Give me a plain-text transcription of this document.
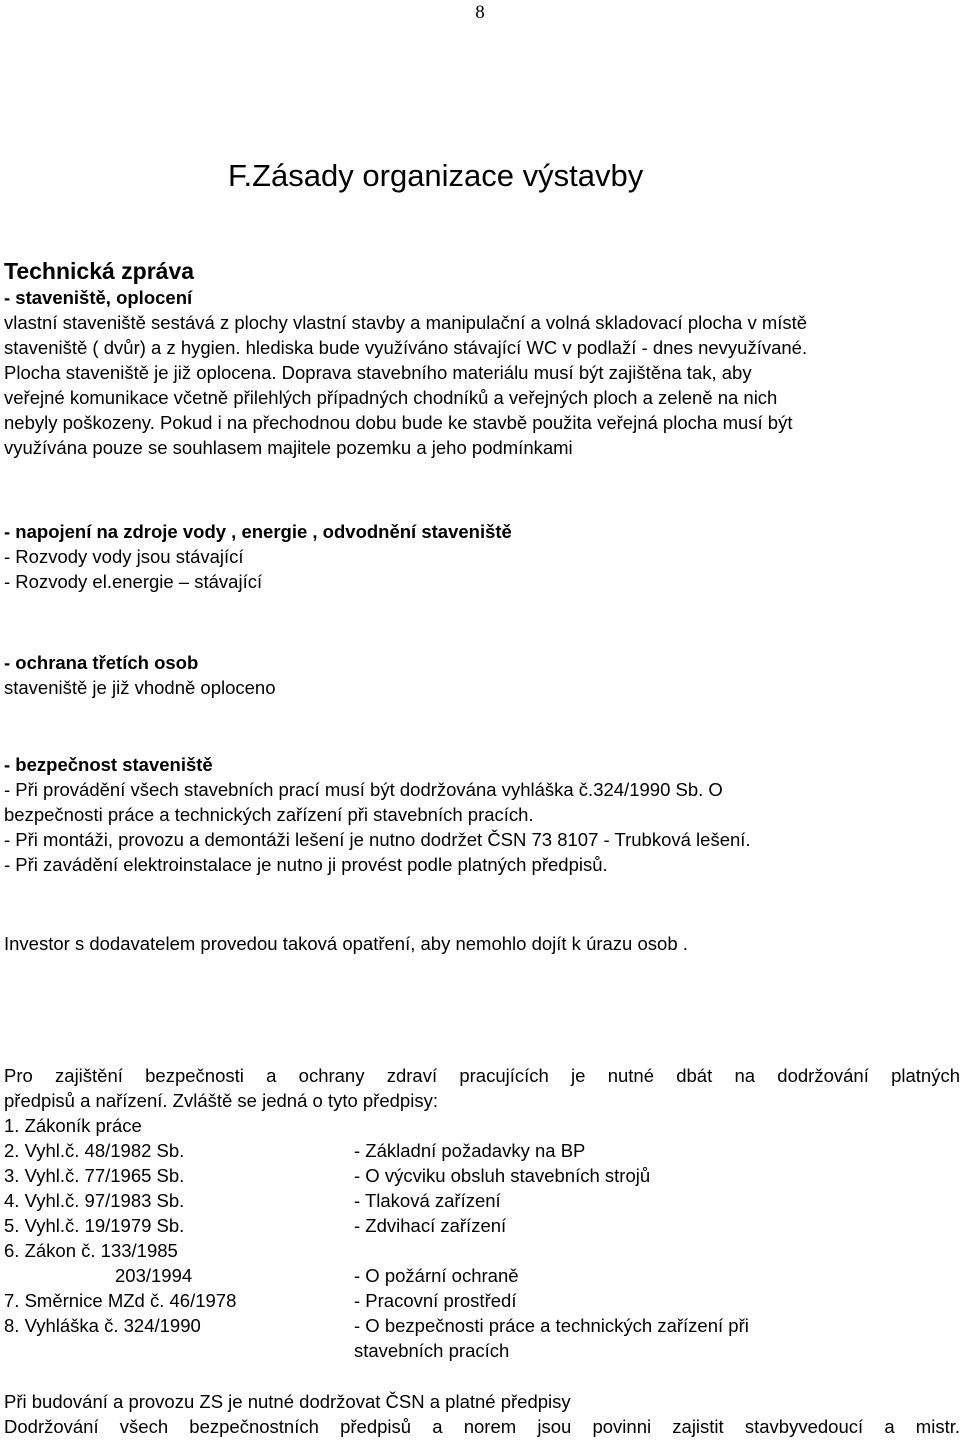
8
F.Zásady organizace výstavby
Technická zpráva
- staveniště, oplocení
vlastní staveniště sestává z plochy vlastní stavby a manipulační a volná skladovací plocha v místě
staveniště ( dvůr) a z hygien. hlediska bude využíváno stávající WC v podlaží - dnes nevyužívané.
Plocha staveniště je již oplocena. Doprava stavebního materiálu musí být zajištěna tak, aby
veřejné komunikace včetně přilehlých případných chodníků a veřejných ploch a zeleně na nich
nebyly poškozeny. Pokud i na přechodnou dobu bude ke stavbě použita veřejná plocha musí být
využívána pouze se souhlasem majitele pozemku a jeho podmínkami
- napojení na zdroje vody , energie , odvodnění staveniště
- Rozvody vody jsou stávající
- Rozvody el.energie – stávající
- ochrana třetích osob
staveniště je již vhodně oploceno
- bezpečnost staveniště
- Při provádění všech stavebních prací musí být dodržována vyhláška č.324/1990 Sb. O
bezpečnosti práce a technických zařízení při stavebních pracích.
- Při montáži, provozu a demontáži lešení je nutno dodržet ČSN 73 8107 - Trubková lešení.
- Při zavádění elektroinstalace je nutno ji provést podle platných předpisů.
Investor s dodavatelem provedou taková opatření, aby nemohlo dojít k úrazu osob .
Pro zajištění bezpečnosti a ochrany zdraví pracujících je nutné dbát na dodržování platných
předpisů a nařízení. Zvláště se jedná o tyto předpisy:
1. Zákoník práce
2. Vyhl.č. 48/1982 Sb.	- Základní požadavky na BP
3. Vyhl.č. 77/1965 Sb.	- O výcviku obsluh stavebních strojů
4. Vyhl.č. 97/1983 Sb.	- Tlaková zařízení
5. Vyhl.č. 19/1979 Sb.	- Zdvihací zařízení
6. Zákon č. 133/1985
203/1994	- O požární ochraně
7. Směrnice MZd č. 46/1978	- Pracovní prostředí
8. Vyhláška č. 324/1990	- O bezpečnosti práce a technických zařízení při
stavebních pracích
Při budování a provozu ZS je nutné dodržovat ČSN a platné předpisy
Dodržování všech bezpečnostních předpisů a norem jsou povinni zajistit stavbyvedoucí a mistr.
